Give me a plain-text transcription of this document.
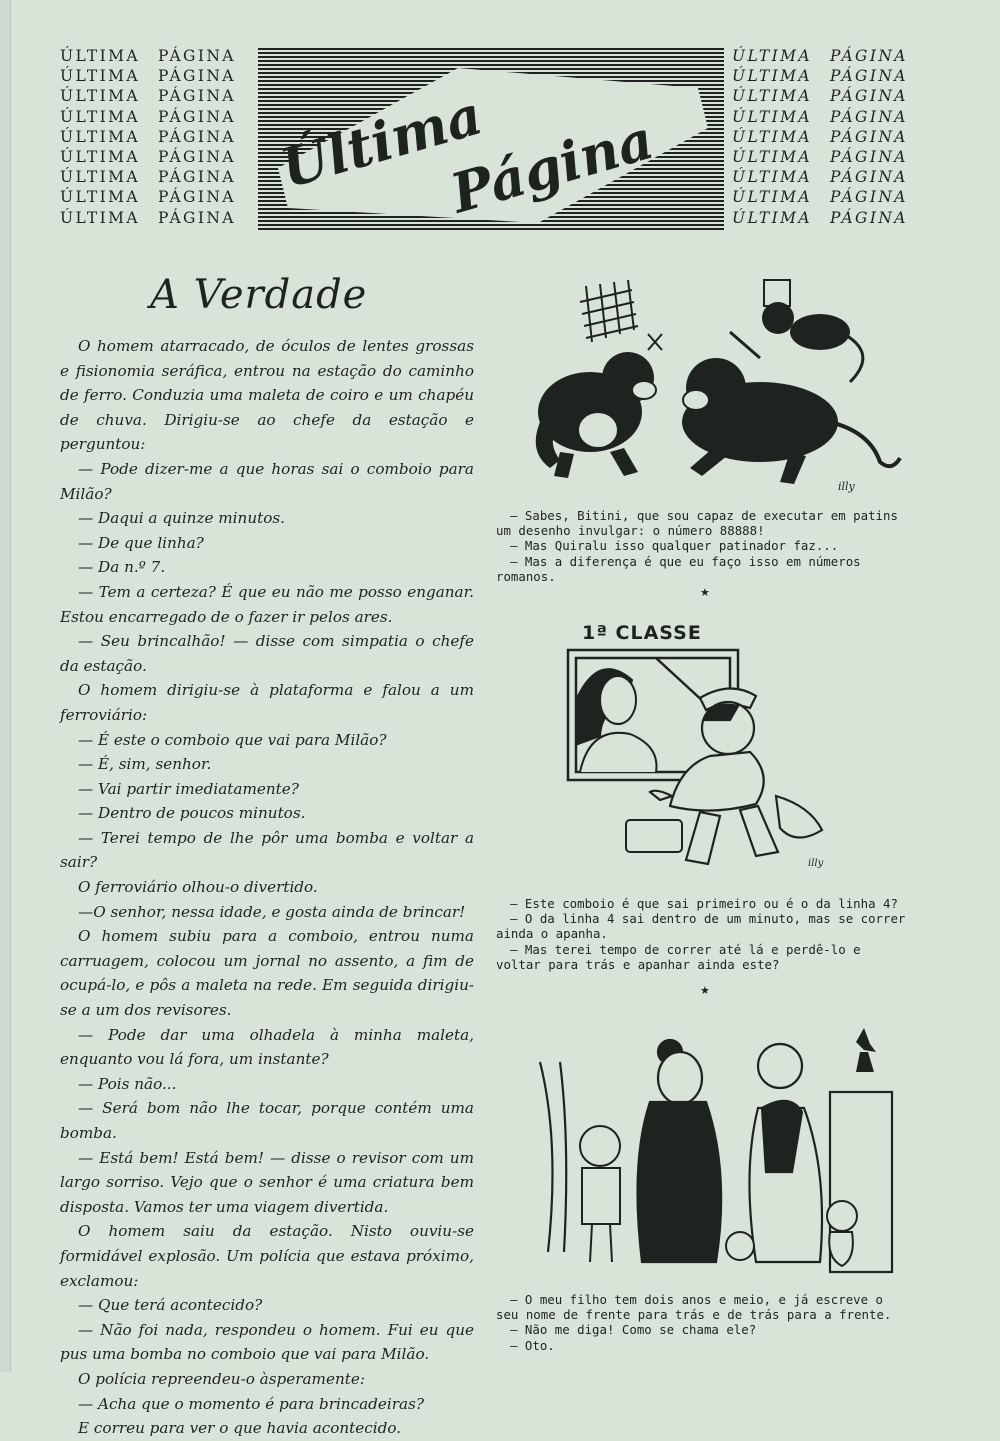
ÚLTIMA PÁGINA
ÚLTIMA PÁGINA
ÚLTIMA PÁGINA
ÚLTIMA PÁGINA
ÚLTIMA PÁGINA
ÚLTIMA PÁGINA
ÚLTIMA PÁGINA
ÚLTIMA PÁGINA
ÚLTIMA PÁGINA
ÚLTIMA PÁGINA
ÚLTIMA PÁGINA
ÚLTIMA PÁGINA
ÚLTIMA PÁGINA
ÚLTIMA PÁGINA
ÚLTIMA PÁGINA
ÚLTIMA PÁGINA
ÚLTIMA PÁGINA
ÚLTIMA PÁGINA
Última
Página
A Verdade

O homem atarracado, de óculos de lentes grossas e fisionomia seráfica, entrou na estação do caminho de ferro. Conduzia uma maleta de coiro e um chapéu de chuva. Dirigiu-se ao chefe da estação e perguntou:

— Pode dizer-me a que horas sai o comboio para Milão?

— Daqui a quinze minutos.

— De que linha?

— Da n.º 7.

— Tem a certeza? É que eu não me posso enganar. Estou encarregado de o fazer ir pelos ares.

— Seu brincalhão! — disse com simpatia o chefe da estação.

O homem dirigiu-se à plataforma e falou a um ferroviário:

— É este o comboio que vai para Milão?

— É, sim, senhor.

— Vai partir imediatamente?

— Dentro de poucos minutos.

— Terei tempo de lhe pôr uma bomba e voltar a sair?

O ferroviário olhou-o divertido.

—O senhor, nessa idade, e gosta ainda de brincar!

O homem subiu para a comboio, entrou numa carruagem, colocou um jornal no assento, a fim de ocupá-lo, e pôs a maleta na rede. Em seguida dirigiu-se a um dos revisores.

— Pode dar uma olhadela à minha maleta, enquanto vou lá fora, um instante?

— Pois não...

— Será bom não lhe tocar, porque contém uma bomba.

— Está bem! Está bem! — disse o revisor com um largo sorriso. Vejo que o senhor é uma criatura bem disposta. Vamos ter uma viagem divertida.

O homem saiu da estação. Nisto ouviu-se formidável explosão. Um polícia que estava próximo, exclamou:

— Que terá acontecido?

— Não foi nada, respondeu o homem. Fui eu que pus uma bomba no comboio que vai para Milão.

O polícia repreendeu-o àsperamente:

— Acha que o momento é para brincadeiras?

E correu para ver o que havia acontecido.

illy

— Sabes, Bitini, que sou capaz de executar em patins um desenho invulgar: o número 88888!

— Mas Quiralu isso qualquer patinador faz...

— Mas a diferença é que eu faço isso em números romanos.

★
illy
1ª CLASSE

— Este comboio é que sai primeiro ou é o da linha 4?

— O da linha 4 sai dentro de um minuto, mas se correr ainda o apanha.

— Mas terei tempo de correr até lá e perdê-lo e voltar para trás e apanhar ainda este?

★

— O meu filho tem dois anos e meio, e já escreve o seu nome de frente para trás e de trás para a frente.

— Não me diga! Como se chama ele?

— Oto.
